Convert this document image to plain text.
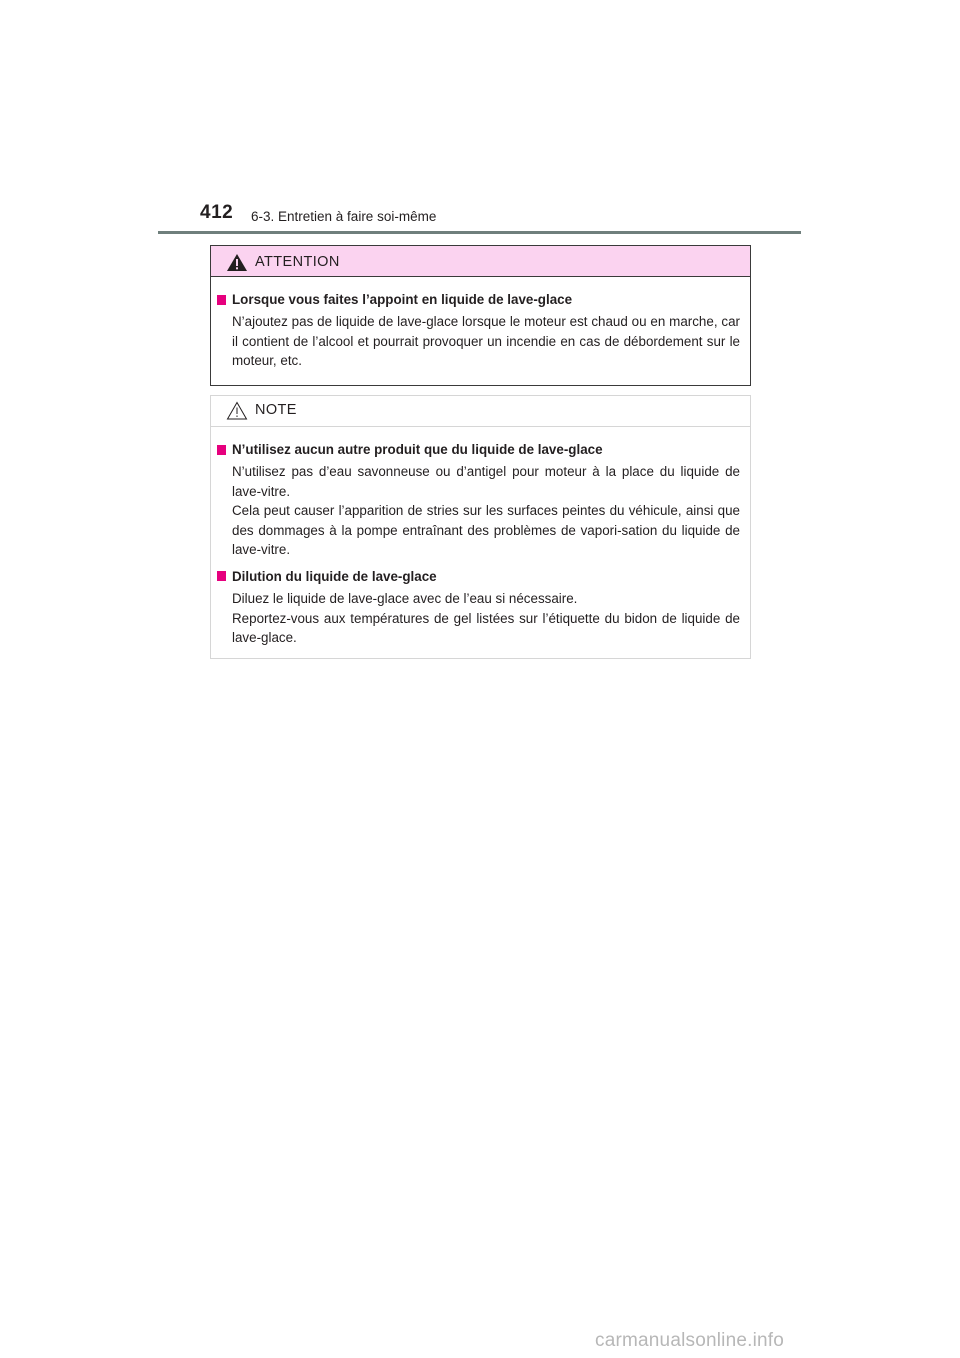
412 6-3. Entretien à faire soi-même
ATTENTION
Lorsque vous faites l’appoint en liquide de lave-glace

N’ajoutez pas de liquide de lave-glace lorsque le moteur est chaud ou en marche, car il contient de l’alcool et pourrait provoquer un incendie en cas de débordement sur le moteur, etc.

NOTE
N’utilisez aucun autre produit que du liquide de lave-glace

N’utilisez pas d’eau savonneuse ou d’antigel pour moteur à la place du liquide de lave-vitre.

Cela peut causer l’apparition de stries sur les surfaces peintes du véhicule, ainsi que des dommages à la pompe entraînant des problèmes de vapori-sation du liquide de lave-vitre.

Dilution du liquide de lave-glace

Diluez le liquide de lave-glace avec de l’eau si nécessaire.

Reportez-vous aux températures de gel listées sur l’étiquette du bidon de liquide de lave-glace.

carmanualsonline.info
